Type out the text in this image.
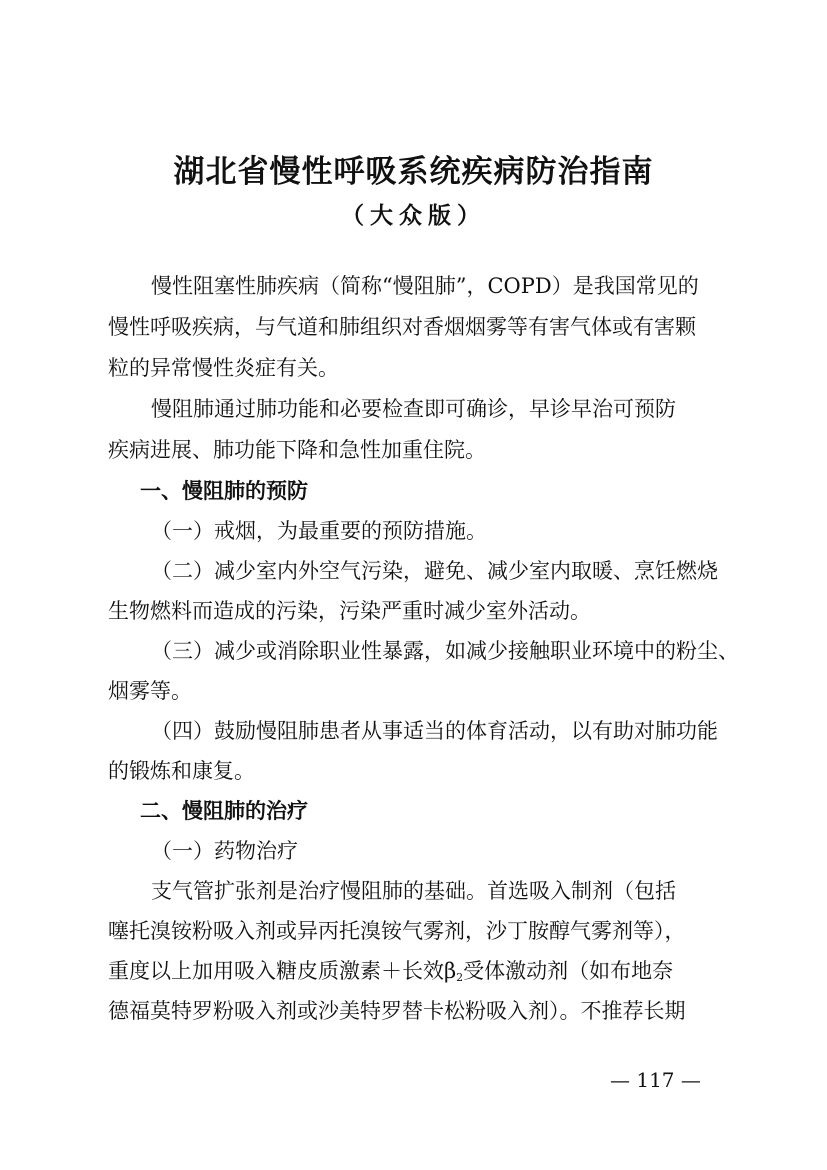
湖北省慢性呼吸系统疾病防治指南
（大众版）

慢性阻塞性肺疾病（简称“慢阻肺”，COPD）是我国常见的

慢性呼吸疾病，与气道和肺组织对香烟烟雾等有害气体或有害颗

粒的异常慢性炎症有关。

慢阻肺通过肺功能和必要检查即可确诊，早诊早治可预防

疾病进展、肺功能下降和急性加重住院。

一、慢阻肺的预防

（一）戒烟，为最重要的预防措施。

（二）减少室内外空气污染，避免、减少室内取暖、烹饪燃烧

生物燃料而造成的污染，污染严重时减少室外活动。

（三）减少或消除职业性暴露，如减少接触职业环境中的粉尘、

烟雾等。

（四）鼓励慢阻肺患者从事适当的体育活动，以有助对肺功能

的锻炼和康复。

二、慢阻肺的治疗

（一）药物治疗

支气管扩张剂是治疗慢阻肺的基础。首选吸入制剂（包括

噻托溴铵粉吸入剂或异丙托溴铵气雾剂，沙丁胺醇气雾剂等），

重度以上加用吸入糖皮质激素＋长效$\beta_2$受体激动剂（如布地奈

德福莫特罗粉吸入剂或沙美特罗替卡松粉吸入剂）。不推荐长期

— 117 —
